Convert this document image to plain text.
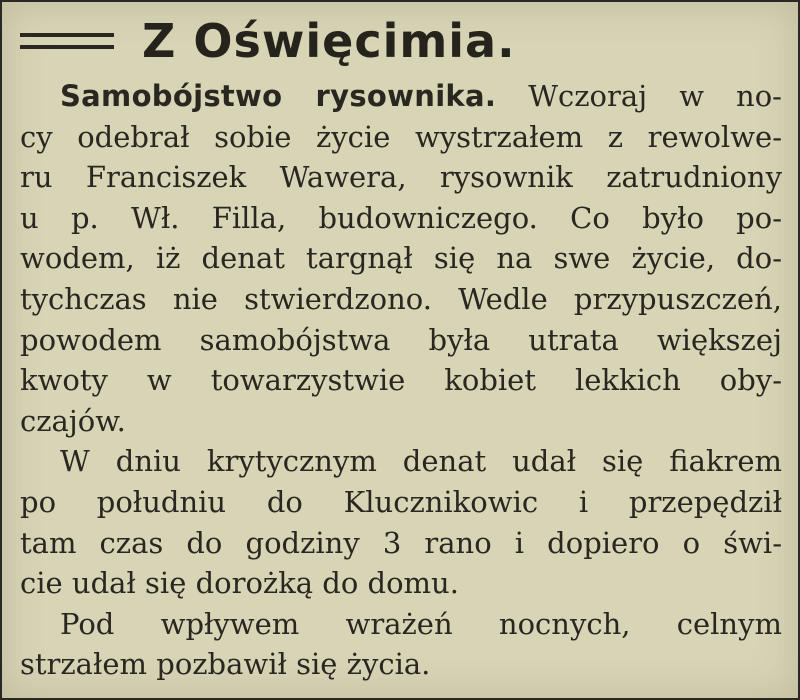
Z Oświęcimia.
Samobójstwo rysownika. Wczoraj w no-
cy odebrał sobie życie wystrzałem z rewolwe-
ru Franciszek Wawera, rysownik zatrudniony
u p. Wł. Filla, budowniczego. Co było po-
wodem, iż denat targnął się na swe życie, do-
tychczas nie stwierdzono. Wedle przypuszczeń,
powodem samobójstwa była utrata większej
kwoty w towarzystwie kobiet lekkich oby-
czajów.
W dniu krytycznym denat udał się fiakrem
po południu do Klucznikowic i przepędził
tam czas do godziny 3 rano i dopiero o świ-
cie udał się dorożką do domu.
Pod wpływem wrażeń nocnych, celnym
strzałem pozbawił się życia.
